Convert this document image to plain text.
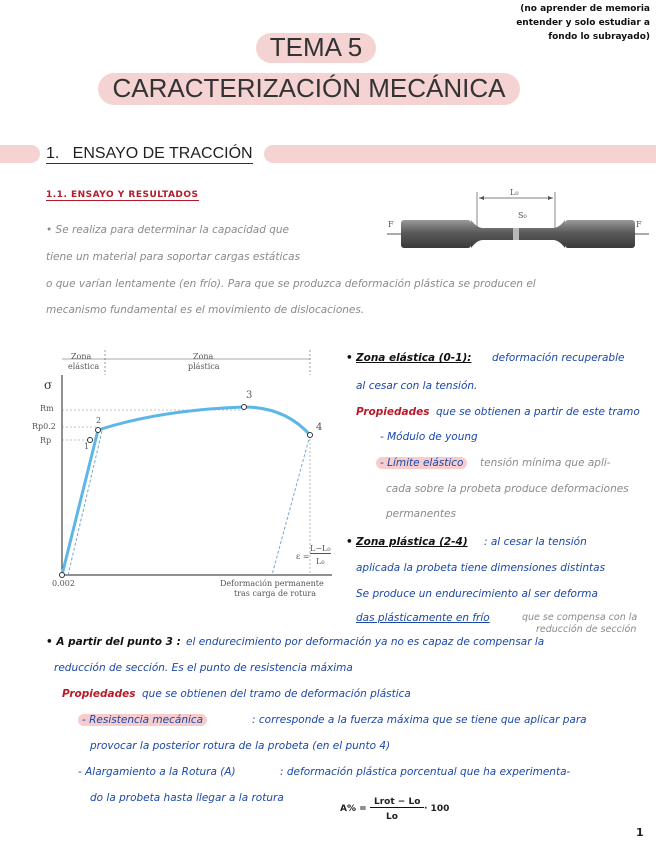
(no aprender de memoria
entender y solo estudiar a
fondo lo subrayado)
TEMA 5
CARACTERIZACIÓN MECÁNICA
1.   ENSAYO DE TRACCIÓN
1.1. ENSAYO Y RESULTADOS
F	F
L₀
S₀
• Se realiza para determinar la capacidad que
tiene un material para soportar cargas estáticas
o que varían lentamente (en frío). Para que se produzca deformación plástica se producen el
mecanismo fundamental es el movimiento de dislocaciones.
Zona
elástica
Zona
plástica
σ
Rm
Rp0.2
Rp
1
2
3
4
0.002	Deformación permanente
tras carga de rotura
ε =
L−L₀
L₀
• Zona elástica (0-1): deformación recuperable
al cesar con la tensión.
Propiedades que se obtienen a partir de este tramo
- Módulo de young
- Límite elástico	tensión mínima que apli-
cada sobre la probeta produce deformaciones
permanentes
• Zona plástica (2-4) : al cesar la tensión
aplicada la probeta tiene dimensiones distintas
Se produce un endurecimiento al ser deforma
das plásticamente en frío	que se compensa con la
reducción de sección
• A partir del punto 3 : el endurecimiento por deformación ya no es capaz de compensar la
reducción de sección. Es el punto de resistencia máxima
Propiedades que se obtienen del tramo de deformación plástica
- Resistencia mecánica	: corresponde a la fuerza máxima que se tiene que aplicar para
provocar la posterior rotura de la probeta (en el punto 4)
- Alargamiento a la Rotura (A)	: deformación plástica porcentual que ha experimenta-
do la probeta hasta llegar a la rotura
A% =
Lrot − Lo
Lo
· 100
1
